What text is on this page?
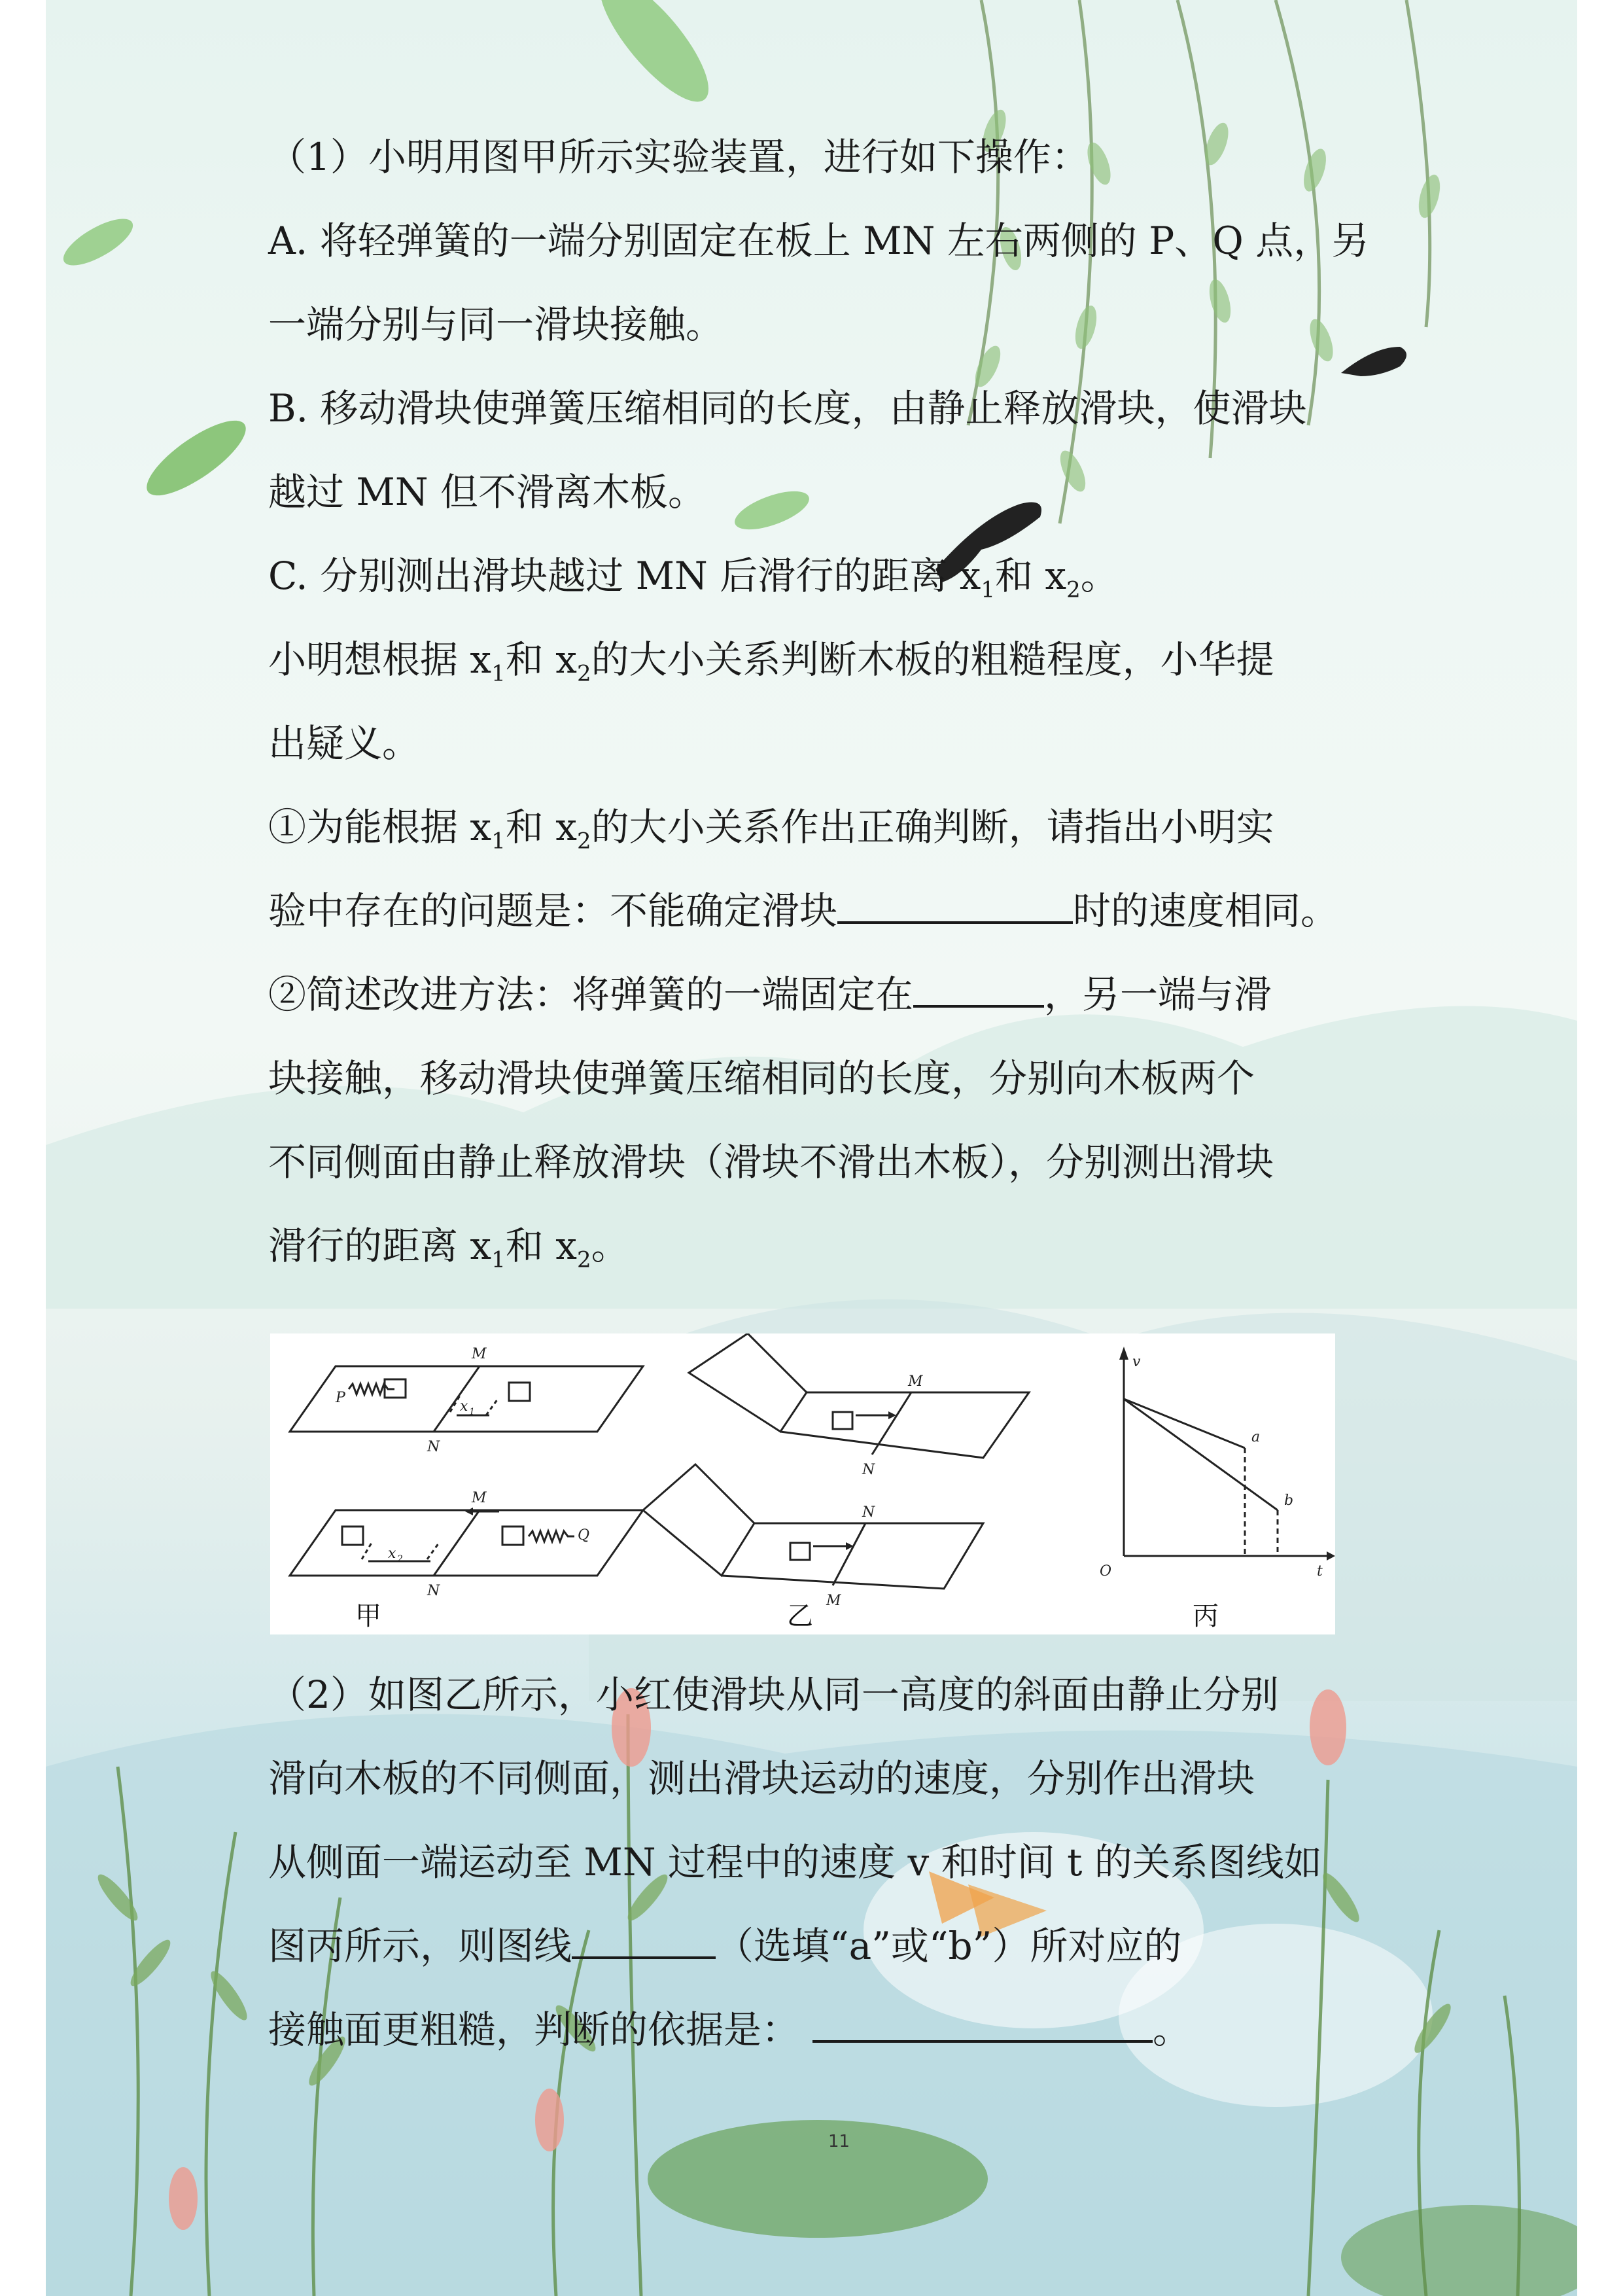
（1）小明用图甲所示实验装置，进行如下操作：
A. 将轻弹簧的一端分别固定在板上 MN 左右两侧的 P、Q 点，另
一端分别与同一滑块接触。
B. 移动滑块使弹簧压缩相同的长度，由静止释放滑块，使滑块
越过 MN 但不滑离木板。
C. 分别测出滑块越过 MN 后滑行的距离 $x_1$和 $x_2$。
小明想根据 $x_1$和 $x_2$的大小关系判断木板的粗糙程度，小华提
出疑义。
①为能根据 $x_1$和 $x_2$的大小关系作出正确判断，请指出小明实
验中存在的问题是：不能确定滑块	时的速度相同。
②简述改进方法：将弹簧的一端固定在	，另一端与滑
块接触，移动滑块使弹簧压缩相同的长度，分别向木板两个
不同侧面由静止释放滑块（滑块不滑出木板），分别测出滑块
滑行的距离 $x_1$和 $x_2$。
（2）如图乙所示，小红使滑块从同一高度的斜面由静止分别
滑向木板的不同侧面，测出滑块运动的速度，分别作出滑块
从侧面一端运动至 MN 过程中的速度 v 和时间 t 的关系图线如
图丙所示，则图线	（选填“a”或“b”）所对应的
接触面更粗糙，判断的依据是：	。
M
N
P
M
N
Q
x 1
x 2
M
N
N
M
v
t
O
a
b
甲	乙	丙
11
